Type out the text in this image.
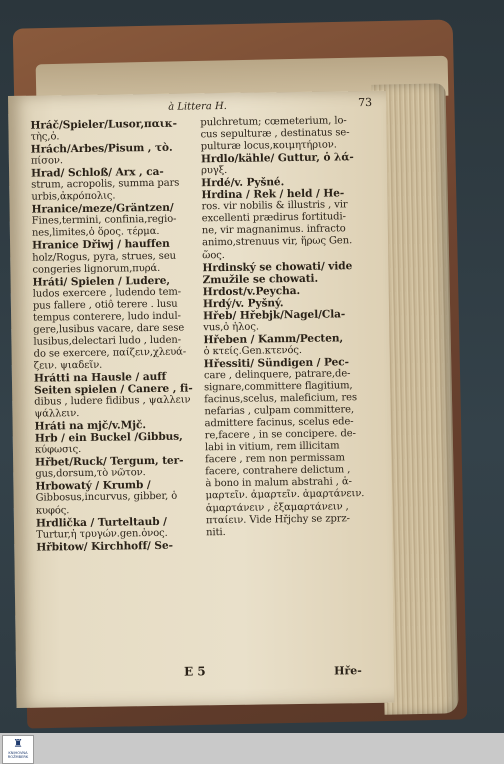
à Littera H.	73
Hráč/Spieler/Lusor,παικ-
τὴς,ὁ.
Hrách/Arbes/Pisum , τὸ.
πίσον.
Hrad/ Schloß/ Arx , ca-
strum, acropolis, summa pars
urbis,ἀκρόπολις.
Hranice/meze/Gräntzen/
Fines,termini, confinia,regio-
nes,limites,ὁ ὅρος. τέρμα.
Hranice Dřiwj / hauffen
holz/Rogus, pyra, strues, seu
congeries lignorum,πυρά.
Hráti/ Spielen / Ludere,
ludos exercere , ludendo tem-
pus fallere , otiô terere . lusu
tempus conterere, ludo indul-
gere,lusibus vacare, dare sese
lusibus,delectari ludo , luden-
do se exercere, παίζειν,χλευά-
ζειν. ψιαδεῖν.
Hrátti na Hausle / auff
Seiten spielen / Canere , fi-
dibus , ludere fidibus , ψαλλειν
ψάλλειν.
Hráti na mjč/v.Mjč.
Hrb / ein Buckel /Gibbus,
κύφωσις.
Hřbet/Ruck/ Tergum, ter-
gus,dorsum,τὸ νῶτον.
Hrbowatý / Krumb /
Gibbosus,incurvus, gibber, ὁ
κυφός.
Hrdlička / Turteltaub /
Turtur,ἡ τρυγών.gen.ὁνος.
Hřbitow/ Kirchhoff/ Se-
pulchretum; cœmeterium, lo-
cus sepulturæ , destinatus se-
pulturæ locus,κοιμητήριον.
Hrdlo/kähle/ Guttur, ὁ λά-
ρυγξ.
Hrdé/v. Pyšné.
Hrdina / Rek / held / He-
ros. vir nobilis & illustris , vir
excellenti prædirus fortitudi-
ne, vir magnanimus. infracto
animo,strenuus vir, ἥρως Gen.
ὥος.
Hrdinský se chowati/ vide
Zmužile se chowati.
Hrdost/v.Peycha.
Hrdý/v. Pyšný.
Hřeb/ Hřebjk/Nagel/Cla-
vus,ὁ ἧλος.
Hřeben / Kamm/Pecten,
ὁ κτείς.Gen.κτενός.
Hřessiti/ Sündigen / Pec-
care , delinquere, patrare,de-
signare,committere flagitium,
facinus,scelus, maleficium, res
nefarias , culpam committere,
admittere facinus, scelus ede-
re,facere , in se concipere. de-
labi in vitium, rem illicitam
facere , rem non permissam
facere, contrahere delictum ,
à bono in malum abstrahi , ἁ-
μαρτεῖν. ἀμαρτεῖν. ἁμαρτάνειν.
ἁμαρτάνειν , ἐξαμαρτάνειν ,
πταίειν. Vide Hřjchy se zprz-
niti.
E 5	Hře-
♜
KNIHOVNA
ROŽMBERK
